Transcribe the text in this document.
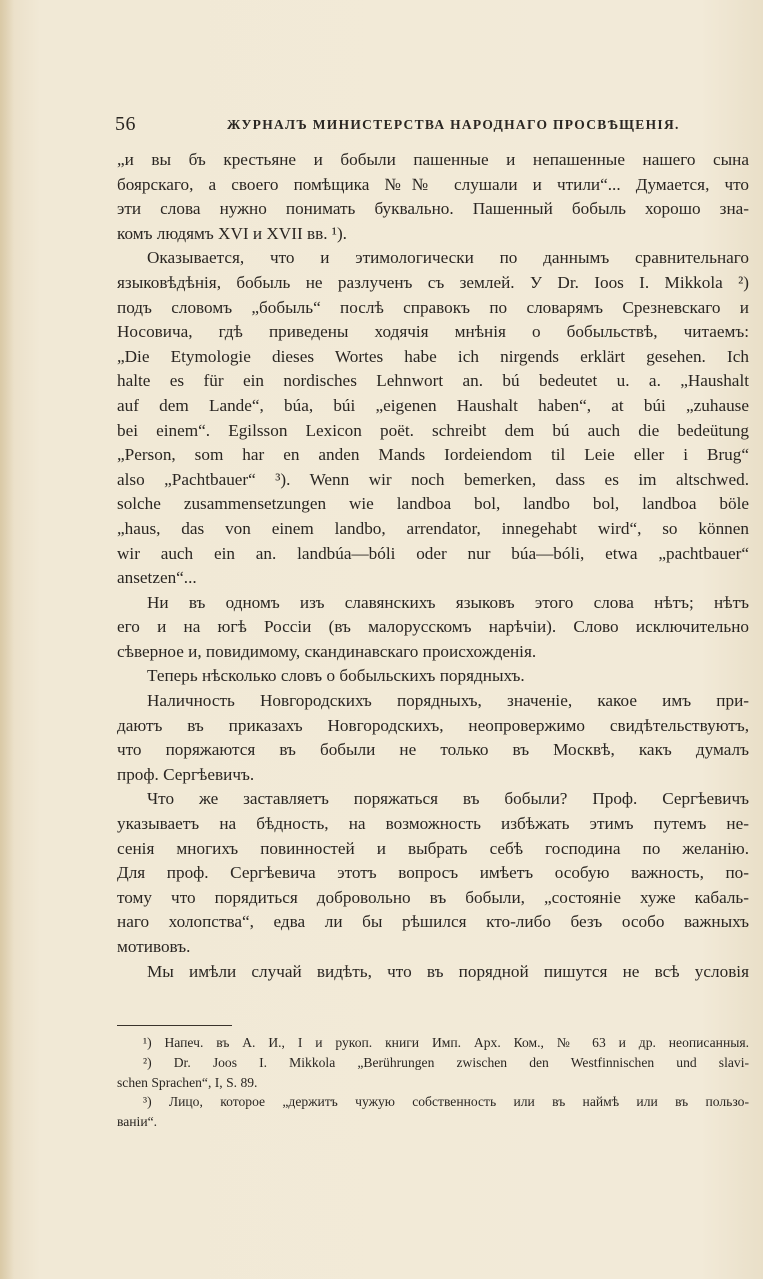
56	ЖУРНАЛЪ МИНИСТЕРСТВА НАРОДНАГО ПРОСВѢЩЕНІЯ.
„и вы бъ крестьяне и бобыли пашенные и непашенные нашего сына
боярскаго, а своего помѣщика №№ слушали и чтили“... Думается, что
эти слова нужно понимать буквально. Пашенный бобыль хорошо зна-
комъ людямъ XVI и XVII вв. ¹).
Оказывается, что и этимологически по даннымъ сравнительнаго
языковѣдѣнія, бобыль не разлученъ съ землей. У Dr. Ioos I. Mikkola ²)
подъ словомъ „бобыль“ послѣ справокъ по словарямъ Срезневскаго и
Носовича, гдѣ приведены ходячія мнѣнія о бобыльствѣ, читаемъ:
„Die Etymologie dieses Wortes habe ich nirgends erklärt gesehen. Ich
halte es für ein nordisches Lehnwort an. bú bedeutet u. a. „Haushalt
auf dem Lande“, búa, búi „eigenen Haushalt haben“, at búi „zuhause
bei einem“. Egilsson Lexicon poët. schreibt dem bú auch die bedeütung
„Person, som har en anden Mands Iordeiendom til Leie eller i Brug“
also „Pachtbauer“ ³). Wenn wir noch bemerken, dass es im altschwed.
solche zusammensetzungen wie landboa bol, landbo bol, landboa böle
„haus, das von einem landbo, arrendator, innegehabt wird“, so können
wir auch ein an. landbúa—bóli oder nur búa—bóli, etwa „pachtbauer“
ansetzen“...
Ни въ одномъ изъ славянскихъ языковъ этого слова нѣтъ; нѣтъ
его и на югѣ Россіи (въ малорусскомъ нарѣчіи). Слово исключительно
сѣверное и, повидимому, скандинавскаго происхожденія.
Теперь нѣсколько словъ о бобыльскихъ порядныхъ.
Наличность Новгородскихъ порядныхъ, значеніе, какое имъ при-
даютъ въ приказахъ Новгородскихъ, неопровержимо свидѣтельствуютъ,
что поряжаются въ бобыли не только въ Москвѣ, какъ думалъ
проф. Сергѣевичъ.
Что же заставляетъ поряжаться въ бобыли? Проф. Сергѣевичъ
указываетъ на бѣдность, на возможность избѣжать этимъ путемъ не-
сенія многихъ повинностей и выбрать себѣ господина по желанію.
Для проф. Сергѣевича этотъ вопросъ имѣетъ особую важность, по-
тому что порядиться добровольно въ бобыли, „состояніе хуже кабаль-
наго холопства“, едва ли бы рѣшился кто-либо безъ особо важныхъ
мотивовъ.
Мы имѣли случай видѣть, что въ порядной пишутся не всѣ условія
¹) Напеч. въ А. И., I и рукоп. книги Имп. Арх. Ком., № 63 и др. неописанныя.
²) Dr. Joos I. Mikkola „Berührungen zwischen den Westfinnischen und slavi-
schen Sprachen“, I, S. 89.
³) Лицо, которое „держитъ чужую собственность или въ наймѣ или въ пользо-
ваніи“.
